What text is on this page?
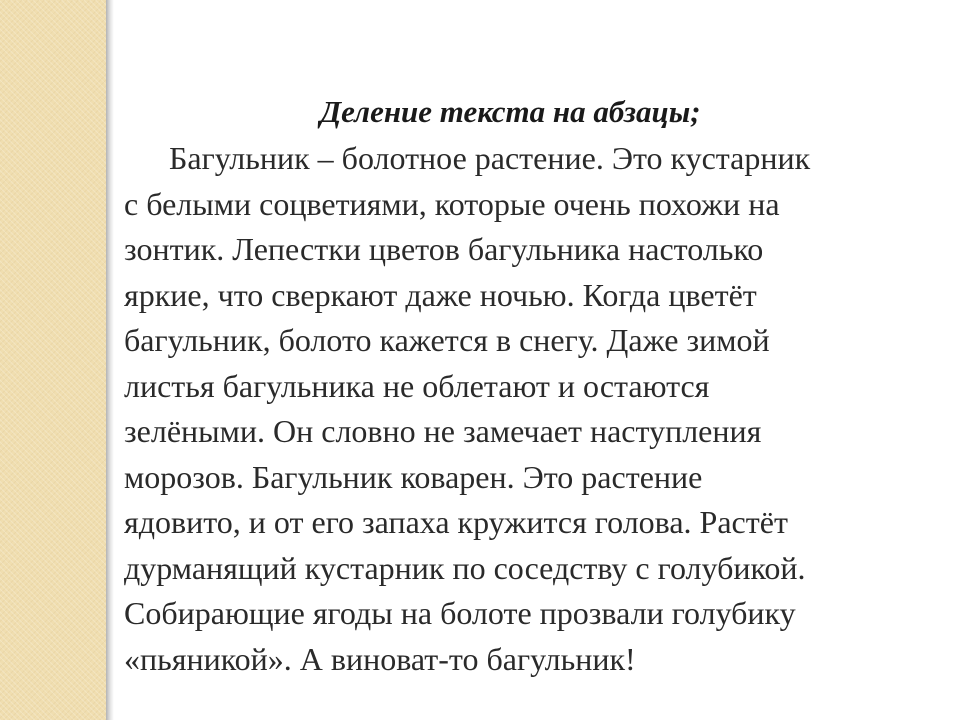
Деление текста на абзацы;
Багульник – болотное растение. Это кустарник
с белыми соцветиями, которые очень похожи на
зонтик. Лепестки цветов багульника настолько
яркие, что сверкают даже ночью. Когда цветёт
багульник, болото кажется в снегу. Даже зимой
листья багульника не облетают и остаются
зелёными. Он словно не замечает наступления
морозов. Багульник коварен. Это растение
ядовито, и от его запаха кружится голова. Растёт
дурманящий кустарник по соседству с голубикой.
Собирающие ягоды на болоте прозвали голубику
«пьяникой». А виноват-то багульник!
